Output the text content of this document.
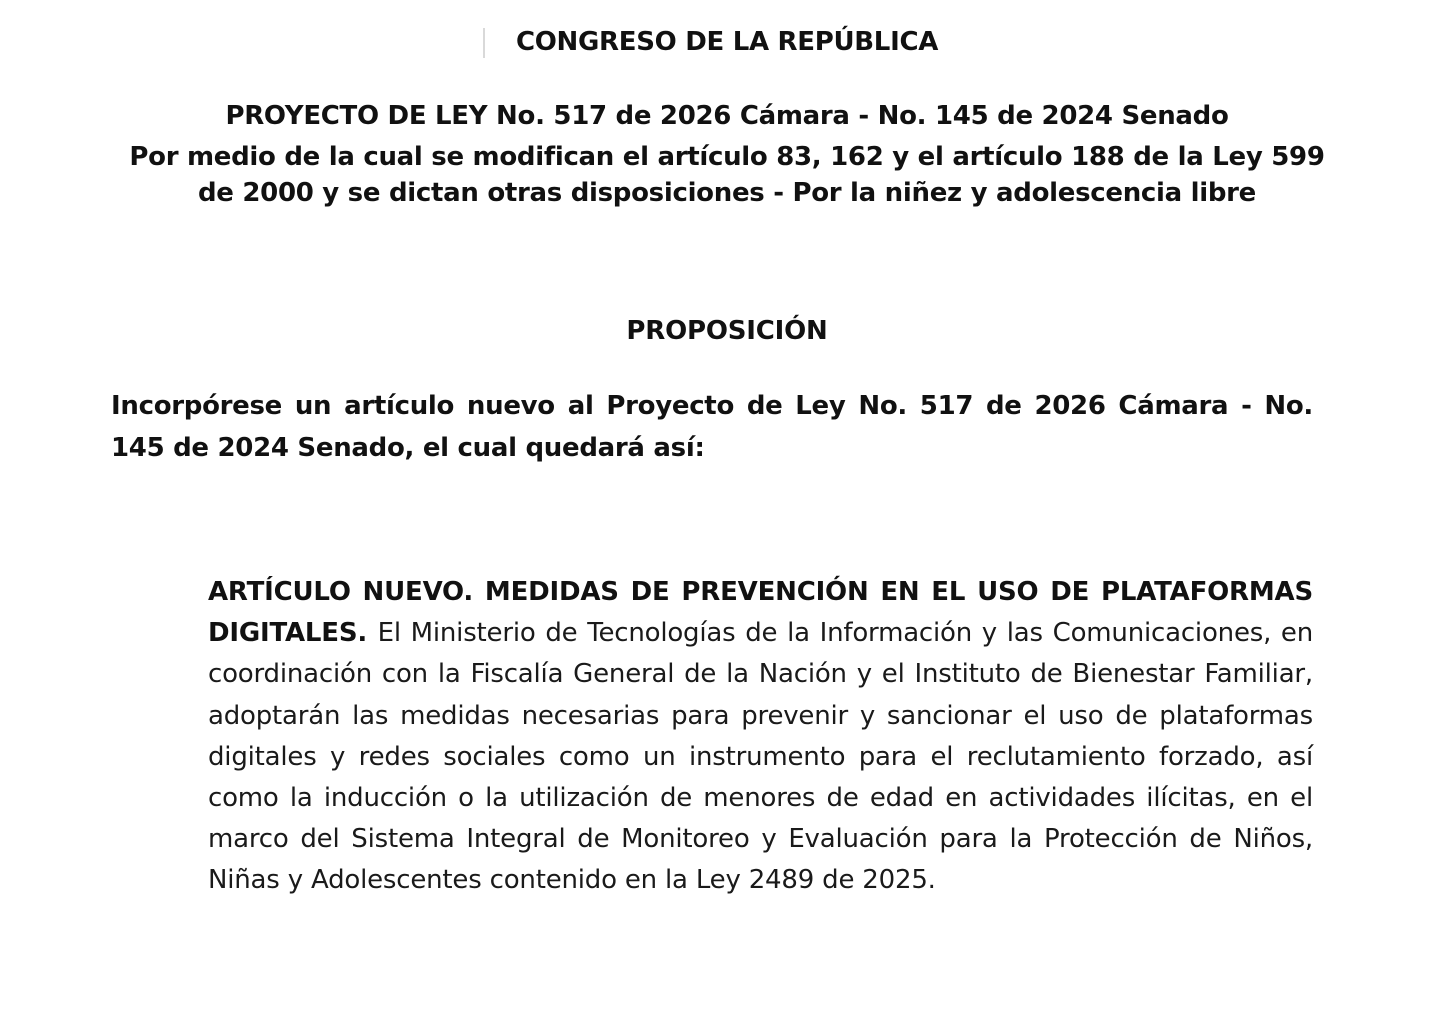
CONGRESO DE LA REPÚBLICA
PROYECTO DE LEY No. 517 de 2026 Cámara - No. 145 de 2024 Senado
Por medio de la cual se modifican el artículo 83, 162 y el artículo 188 de la Ley 599 de 2000 y se dictan otras disposiciones - Por la niñez y adolescencia libre
PROPOSICIÓN
Incorpórese un artículo nuevo al Proyecto de Ley No. 517 de 2026 Cámara - No. 145 de 2024 Senado, el cual quedará así:
ARTÍCULO NUEVO. MEDIDAS DE PREVENCIÓN EN EL USO DE PLATAFORMAS DIGITALES. El Ministerio de Tecnologías de la Información y las Comunicaciones, en coordinación con la Fiscalía General de la Nación y el Instituto de Bienestar Familiar, adoptarán las medidas necesarias para prevenir y sancionar el uso de plataformas digitales y redes sociales como un instrumento para el reclutamiento forzado, así como la inducción o la utilización de menores de edad en actividades ilícitas, en el marco del Sistema Integral de Monitoreo y Evaluación para la Protección de Niños, Niñas y Adolescentes contenido en la Ley 2489 de 2025.
